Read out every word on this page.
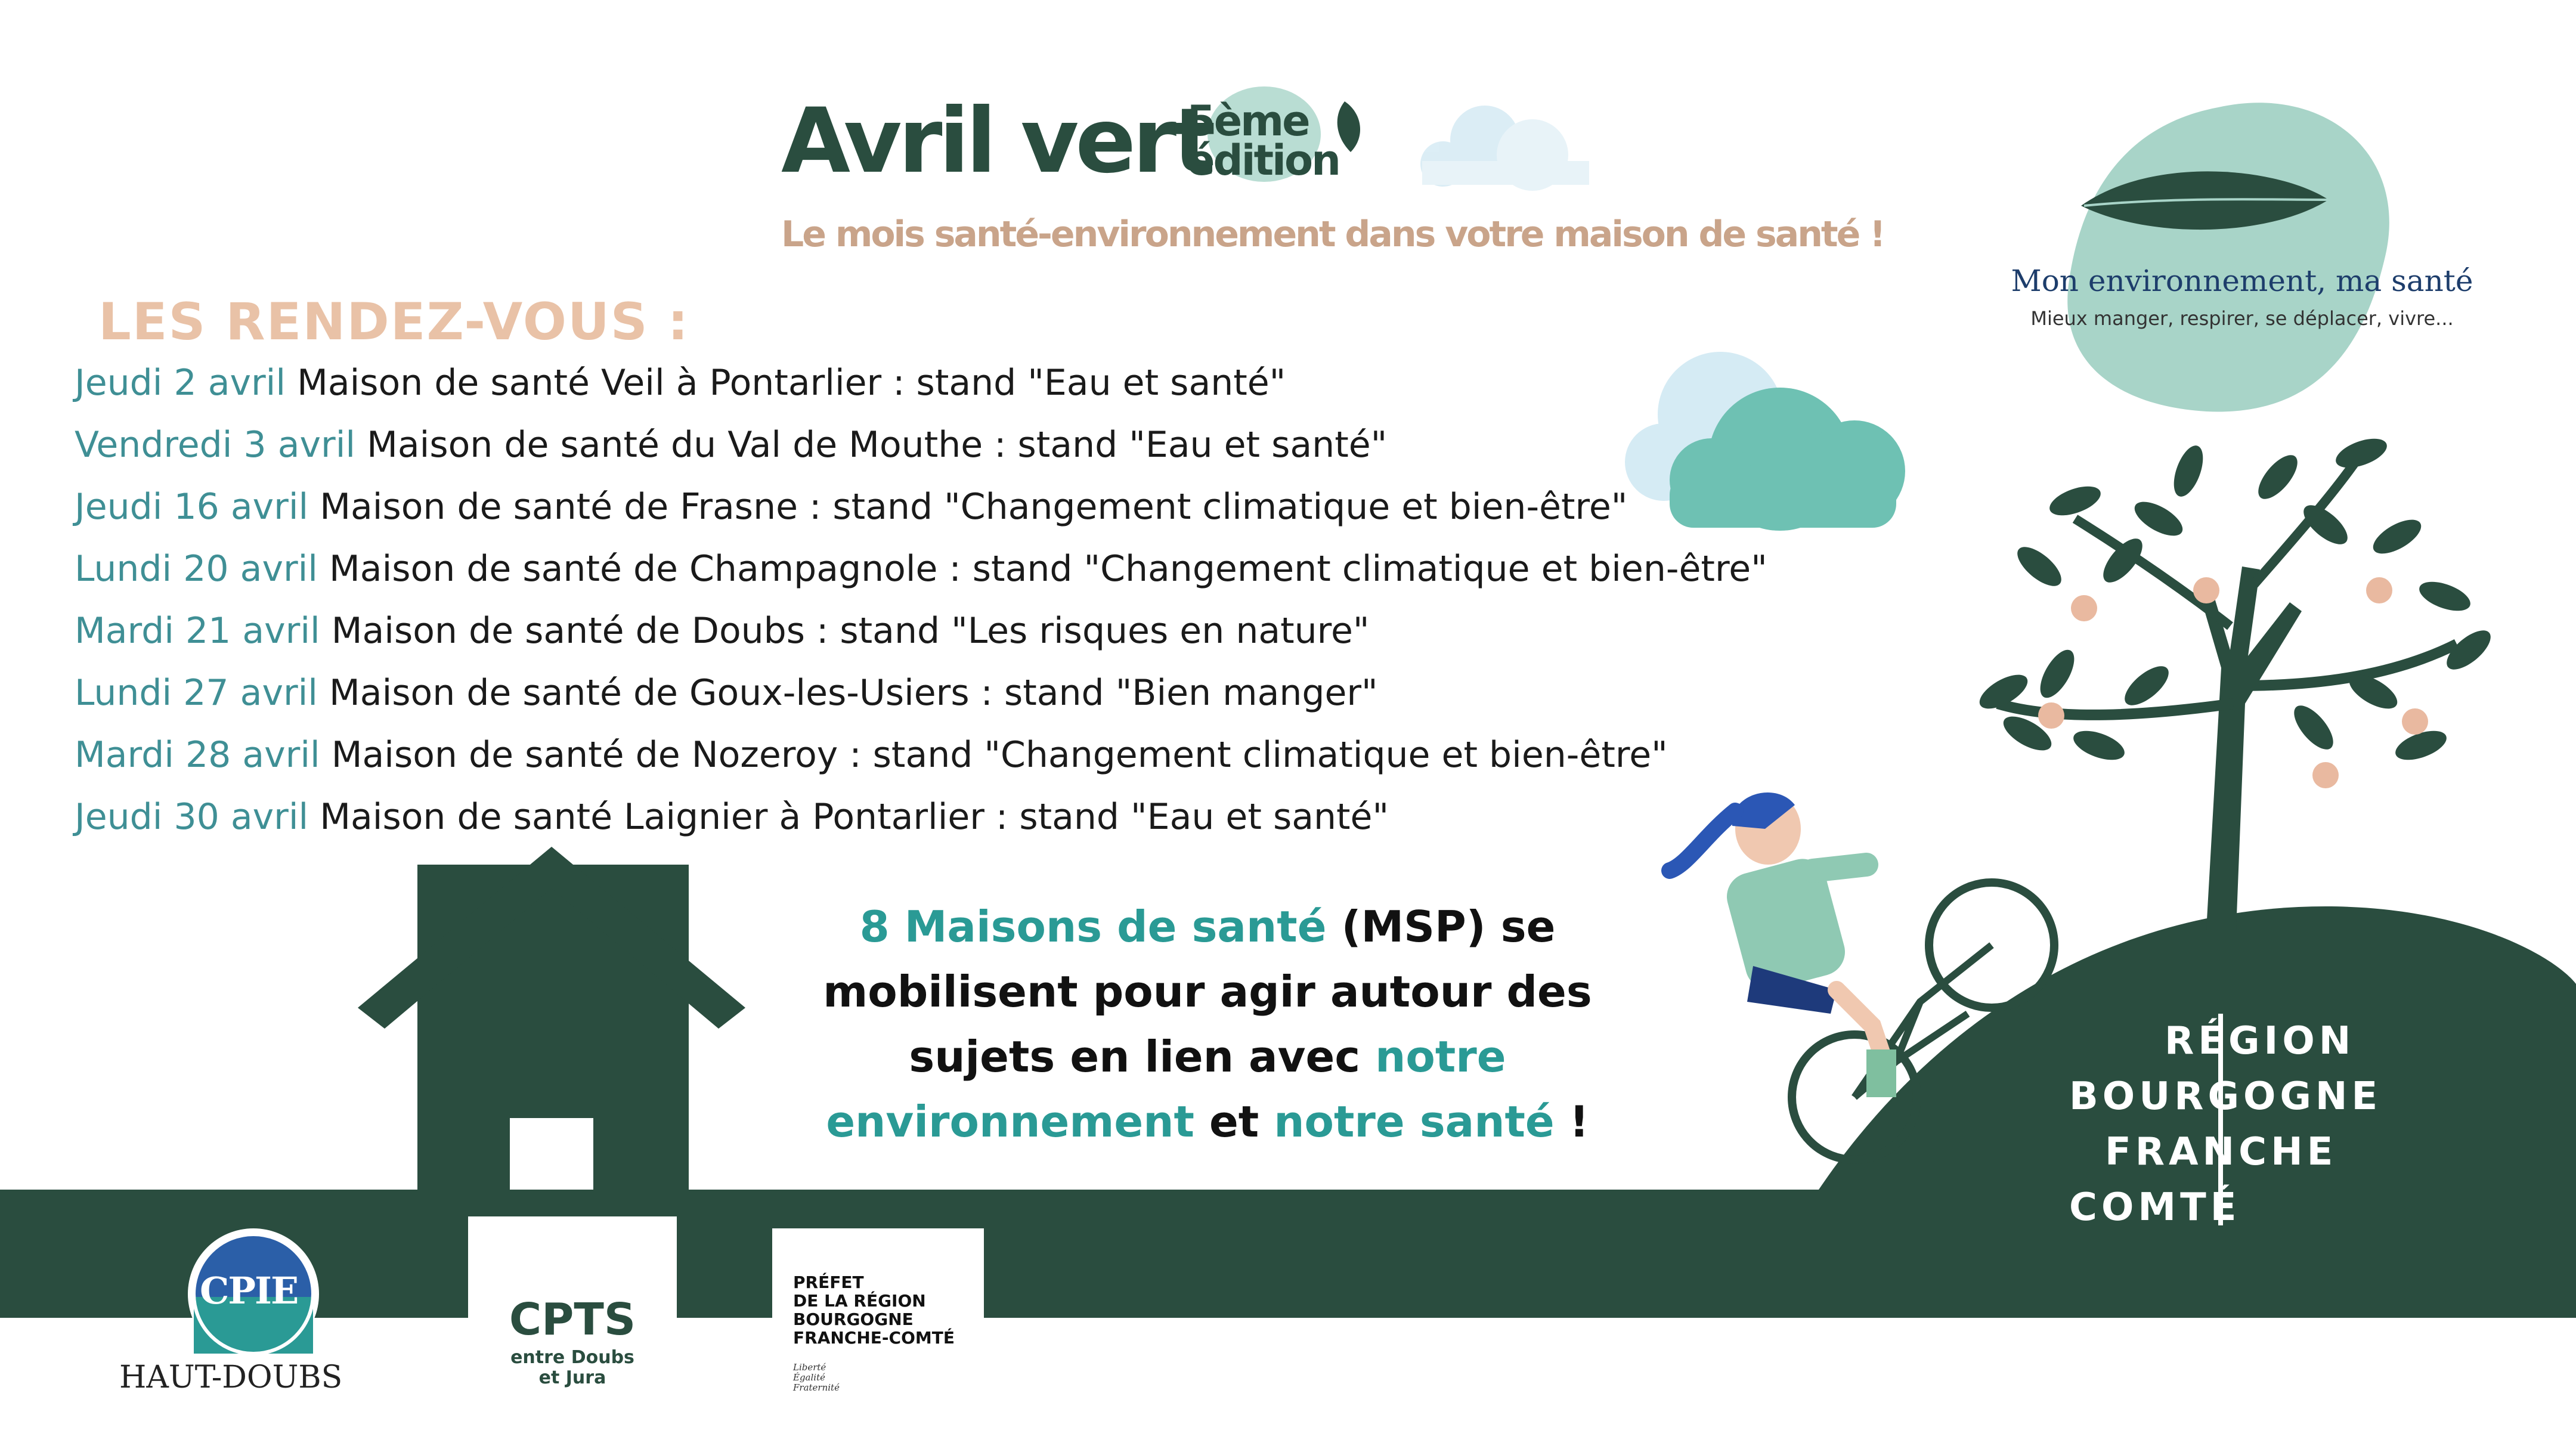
Avril vert
5ème
édition
Le mois santé-environnement dans votre maison de santé !
Mon environnement, ma santé
Mieux manger, respirer, se déplacer, vivre...
LES RENDEZ-VOUS :
Jeudi 2 avril Maison de santé Veil à Pontarlier : stand "Eau et santé"
Vendredi 3 avril Maison de santé du Val de Mouthe : stand "Eau et santé"
Jeudi 16 avril Maison de santé de Frasne : stand "Changement climatique et bien-être"
Lundi 20 avril Maison de santé de Champagnole : stand "Changement climatique et bien-être"
Mardi 21 avril Maison de santé de Doubs : stand "Les risques en nature"
Lundi 27 avril Maison de santé de Goux-les-Usiers : stand "Bien manger"
Mardi 28 avril Maison de santé de Nozeroy : stand "Changement climatique et bien-être"
Jeudi 30 avril Maison de santé Laignier à Pontarlier : stand "Eau et santé"
8 Maisons de santé (MSP) se mobilisent pour agir autour des sujets en lien avec notre environnement et notre santé !
RÉGION
BOURGOGNE
FRANCHE
COMTÉ
CPIE
HAUT-DOUBS
CPTS
entre Doubs
et Jura
PRÉFET
DE LA RÉGION
BOURGOGNE
FRANCHE-COMTÉ
Liberté
Égalité
Fraternité
